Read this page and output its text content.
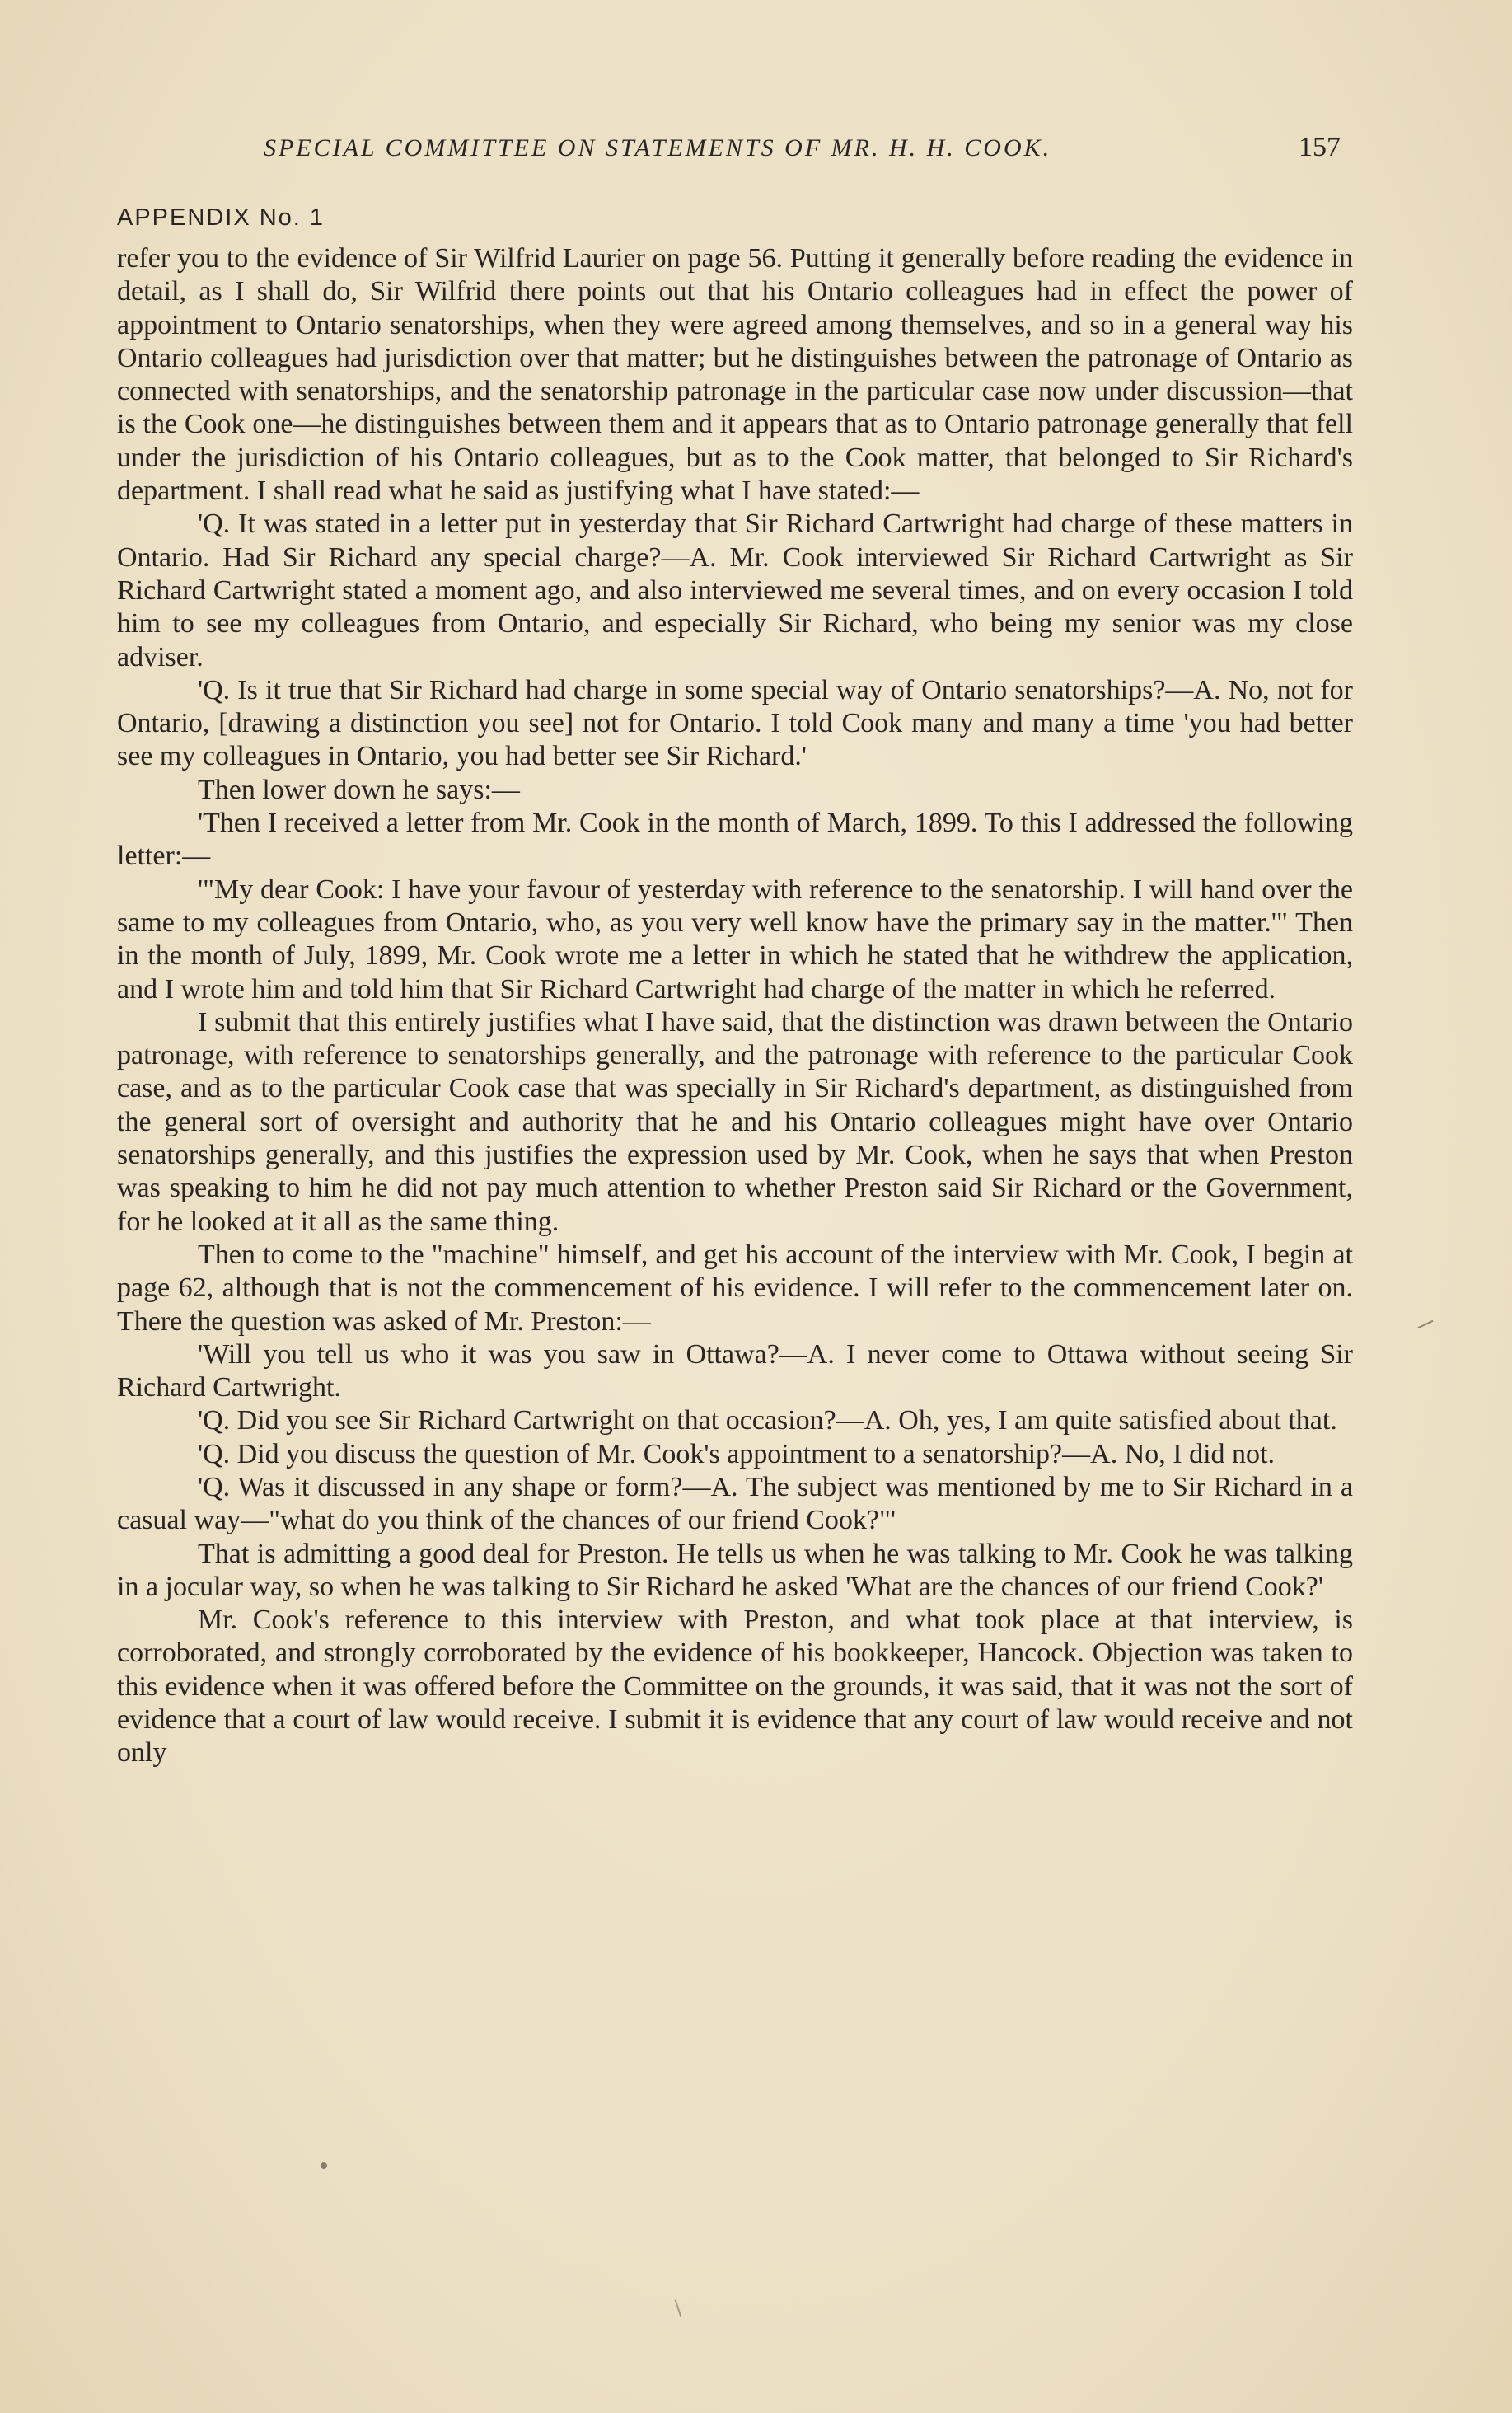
SPECIAL COMMITTEE ON STATEMENTS OF MR. H. H. COOK.	157
APPENDIX No. 1

refer you to the evidence of Sir Wilfrid Laurier on page 56. Putting it generally before reading the evidence in detail, as I shall do, Sir Wilfrid there points out that his Ontario colleagues had in effect the power of appointment to Ontario senatorships, when they were agreed among themselves, and so in a general way his Ontario colleagues had jurisdiction over that matter; but he distinguishes between the patronage of Ontario as connected with senatorships, and the senatorship patronage in the particular case now under discussion—that is the Cook one—he distinguishes between them and it appears that as to Ontario patronage generally that fell under the jurisdiction of his Ontario colleagues, but as to the Cook matter, that belonged to Sir Richard's department. I shall read what he said as justifying what I have stated:—

'Q. It was stated in a letter put in yesterday that Sir Richard Cartwright had charge of these matters in Ontario. Had Sir Richard any special charge?—A. Mr. Cook interviewed Sir Richard Cartwright as Sir Richard Cartwright stated a moment ago, and also interviewed me several times, and on every occasion I told him to see my colleagues from Ontario, and especially Sir Richard, who being my senior was my close adviser.

'Q. Is it true that Sir Richard had charge in some special way of Ontario senatorships?—A. No, not for Ontario, [drawing a distinction you see] not for Ontario. I told Cook many and many a time 'you had better see my colleagues in Ontario, you had better see Sir Richard.'

Then lower down he says:—

'Then I received a letter from Mr. Cook in the month of March, 1899. To this I addressed the following letter:—

'"My dear Cook: I have your favour of yesterday with reference to the senatorship. I will hand over the same to my colleagues from Ontario, who, as you very well know have the primary say in the matter.'" Then in the month of July, 1899, Mr. Cook wrote me a letter in which he stated that he withdrew the application, and I wrote him and told him that Sir Richard Cartwright had charge of the matter in which he referred.

I submit that this entirely justifies what I have said, that the distinction was drawn between the Ontario patronage, with reference to senatorships generally, and the patronage with reference to the particular Cook case, and as to the particular Cook case that was specially in Sir Richard's department, as distinguished from the general sort of oversight and authority that he and his Ontario colleagues might have over Ontario senatorships generally, and this justifies the expression used by Mr. Cook, when he says that when Preston was speaking to him he did not pay much attention to whether Preston said Sir Richard or the Government, for he looked at it all as the same thing.

Then to come to the "machine" himself, and get his account of the interview with Mr. Cook, I begin at page 62, although that is not the commencement of his evidence. I will refer to the commencement later on. There the question was asked of Mr. Preston:—

'Will you tell us who it was you saw in Ottawa?—A. I never come to Ottawa without seeing Sir Richard Cartwright.

'Q. Did you see Sir Richard Cartwright on that occasion?—A. Oh, yes, I am quite satisfied about that.

'Q. Did you discuss the question of Mr. Cook's appointment to a senatorship?—A. No, I did not.

'Q. Was it discussed in any shape or form?—A. The subject was mentioned by me to Sir Richard in a casual way—"what do you think of the chances of our friend Cook?"'

That is admitting a good deal for Preston. He tells us when he was talking to Mr. Cook he was talking in a jocular way, so when he was talking to Sir Richard he asked 'What are the chances of our friend Cook?'

Mr. Cook's reference to this interview with Preston, and what took place at that interview, is corroborated, and strongly corroborated by the evidence of his bookkeeper, Hancock. Objection was taken to this evidence when it was offered before the Committee on the grounds, it was said, that it was not the sort of evidence that a court of law would receive. I submit it is evidence that any court of law would receive and not only
